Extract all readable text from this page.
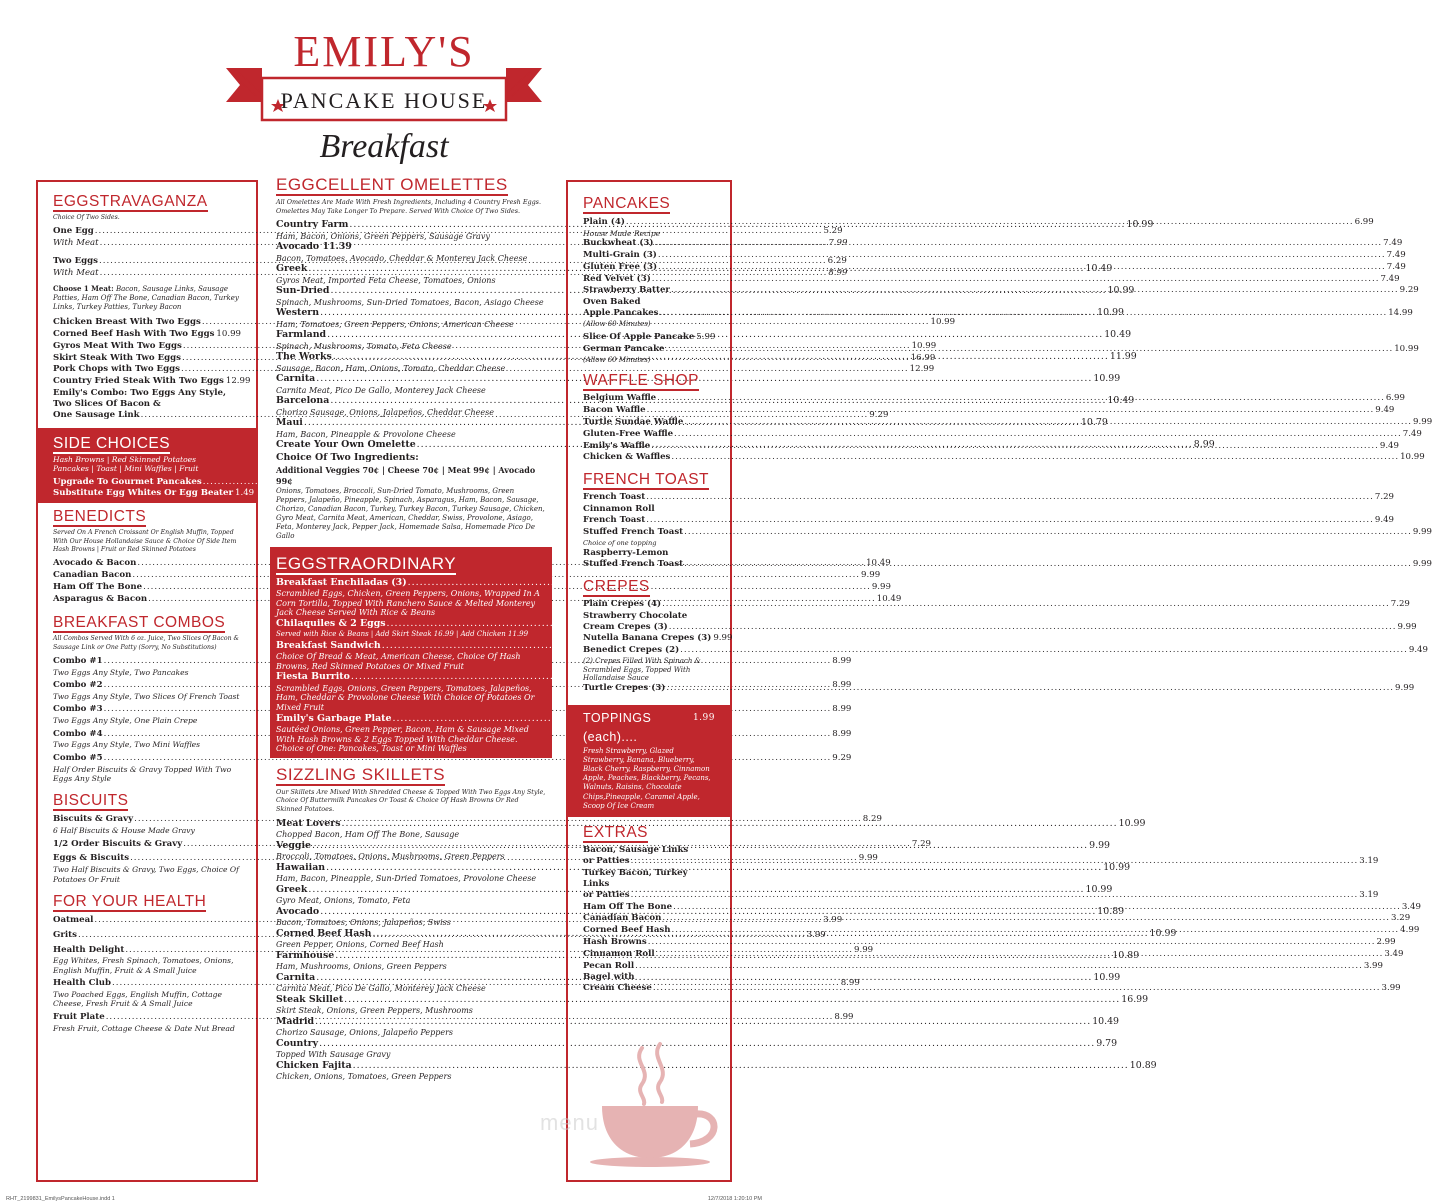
EMILY'S
PANCAKE HOUSE
Breakfast
EGGSTRAVAGANZA
Choice Of Two Sides.
One Egg .....	5.29
With Meat .....	7.99
Two Eggs .....	6.29
With Meat .....	8.99
Choose 1 Meat: Bacon, Sausage Links, Sausage Patties, Ham Off The Bone, Canadian Bacon, Turkey Links, Turkey Patties, Turkey Bacon
Chicken Breast With Two Eggs .....	10.99
Corned Beef Hash With Two Eggs 10.99
Gyros Meat With Two Eggs .....	10.99
Skirt Steak With Two Eggs .....	16.99
Pork Chops with Two Eggs .....	12.99
Country Fried Steak With Two Eggs 12.99
Emily's Combo: Two Eggs Any Style,
Two Slices Of Bacon &
One Sausage Link .....	9.29
SIDE CHOICES
Hash Browns | Red Skinned Potatoes
Pancakes | Toast | Mini Waffles | Fruit
Upgrade To Gourmet Pancakes .....	3.99
Substitute Egg Whites Or Egg Beater 1.49
BENEDICTS
Served On A French Croissant Or English Muffin, Topped With Our House Hollandaise Sauce & Choice Of Side Item Hash Browns | Fruit or Red Skinned Potatoes
Avocado & Bacon .....	10.49
Canadian Bacon .....	9.99
Ham Off The Bone .....	9.99
Asparagus & Bacon .....	10.49
BREAKFAST COMBOS
All Combos Served With 6 oz. Juice, Two Slices Of Bacon & Sausage Link or One Patty (Sorry, No Substitutions)
Combo #1 .....	8.99
Two Eggs Any Style, Two Pancakes
Combo #2 .....	8.99
Two Eggs Any Style, Two Slices Of French Toast
Combo #3 .....	8.99
Two Eggs Any Style, One Plain Crepe
Combo #4 .....	8.99
Two Eggs Any Style, Two Mini Waffles
Combo #5 .....	9.29
Half Order Biscuits & Gravy Topped With Two Eggs Any Style
BISCUITS
Biscuits & Gravy .....	8.29
6 Half Biscuits & House Made Gravy
1/2 Order Biscuits & Gravy .....	7.29
Eggs & Biscuits .....	9.99
Two Half Biscuits & Gravy, Two Eggs, Choice Of Potatoes Or Fruit
FOR YOUR HEALTH
Oatmeal .....	3.99
Grits .....	3.99
Health Delight .....	9.99
Egg Whites, Fresh Spinach, Tomatoes, Onions, English Muffin, Fruit & A Small Juice
Health Club .....	8.99
Two Poached Eggs, English Muffin, Cottage Cheese, Fresh Fruit & A Small Juice
Fruit Plate .....	8.99
Fresh Fruit, Cottage Cheese & Date Nut Bread
EGGCELLENT OMELETTES
All Omelettes Are Made With Fresh Ingredients, Including 4 Country Fresh Eggs. Omelettes May Take Longer To Prepare. Served With Choice Of Two Sides.
Country Farm .....	10.99
Ham, Bacon, Onions, Green Peppers, Sausage Gravy
Avocado 11.39
Bacon, Tomatoes, Avocado, Cheddar & Monterey Jack Cheese
Greek .....	10.49
Gyros Meat, Imported Feta Cheese, Tomatoes, Onions
Sun-Dried .....	10.99
Spinach, Mushrooms, Sun-Dried Tomatoes, Bacon, Asiago Cheese
Western .....	10.99
Ham, Tomatoes, Green Peppers, Onions, American Cheese
Farmland .....	10.49
Spinach, Mushrooms, Tomato, Feta Cheese
The Works .....	11.99
Sausage, Bacon, Ham, Onions, Tomato, Cheddar Cheese
Carnita .....	10.99
Carnita Meat, Pico De Gallo, Monterey Jack Cheese
Barcelona .....	10.49
Chorizo Sausage, Onions, Jalapeños, Cheddar Cheese
Maui .....	10.79
Ham, Bacon, Pineapple & Provolone Cheese
Create Your Own Omelette .....	8.99
Choice Of Two Ingredients:
Additional Veggies 70¢ | Cheese 70¢ | Meat 99¢ | Avocado 99¢
Onions, Tomatoes, Broccoli, Sun-Dried Tomato, Mushrooms, Green Peppers, Jalapeño, Pineapple, Spinach, Asparagus, Ham, Bacon, Sausage, Chorizo, Canadian Bacon, Turkey, Turkey Bacon, Turkey Sausage, Chicken, Gyro Meat, Carnita Meat, American, Cheddar, Swiss, Provolone, Asiago, Feta, Monterey Jack, Pepper Jack, Homemade Salsa, Homemade Pico De Gallo
EGGSTRAORDINARY
Breakfast Enchiladas (3) .....	9.99
Scrambled Eggs, Chicken, Green Peppers, Onions, Wrapped In A Corn Tortilla, Topped With Ranchero Sauce & Melted Monterey Jack Cheese Served With Rice & Beans
Chilaquiles & 2 Eggs .....	9.29
Served with Rice & Beans | Add Skirt Steak 16.99 | Add Chicken 11.99
Breakfast Sandwich .....	7.99
Choice Of Bread & Meat, American Cheese, Choice Of Hash Browns, Red Skinned Potatoes Or Mixed Fruit
Fiesta Burrito .....	9.89
Scrambled Eggs, Onions, Green Peppers, Tomatoes, Jalapeños, Ham, Cheddar & Provolone Cheese With Choice Of Potatoes Or Mixed Fruit
Emily's Garbage Plate .....	11.99
Sautéed Onions, Green Pepper, Bacon, Ham & Sausage Mixed With Hash Browns & 2 Eggs Topped With Cheddar Cheese. Choice of One: Pancakes, Toast or Mini Waffles
SIZZLING SKILLETS
Our Skillets Are Mixed With Shredded Cheese & Topped With Two Eggs Any Style, Choice Of Buttermilk Pancakes Or Toast & Choice Of Hash Browns Or Red Skinned Potatoes.
Meat Lovers .....	10.99
Chopped Bacon, Ham Off The Bone, Sausage
Veggie .....	9.99
Broccoli, Tomatoes, Onions, Mushrooms, Green Peppers
Hawaiian .....	10.99
Ham, Bacon, Pineapple, Sun-Dried Tomatoes, Provolone Cheese
Greek .....	10.99
Gyro Meat, Onions, Tomato, Feta
Avocado .....	10.89
Bacon, Tomatoes, Onions, Jalapeños, Swiss
Corned Beef Hash .....	10.99
Green Pepper, Onions, Corned Beef Hash
Farmhouse .....	10.89
Ham, Mushrooms, Onions, Green Peppers
Carnita .....	10.99
Carnita Meat, Pico De Gallo, Monterey Jack Cheese
Steak Skillet .....	16.99
Skirt Steak, Onions, Green Peppers, Mushrooms
Madrid .....	10.49
Chorizo Sausage, Onions, Jalapeño Peppers
Country .....	9.79
Topped With Sausage Gravy
Chicken Fajita .....	10.89
Chicken, Onions, Tomatoes, Green Peppers
PANCAKES
Plain (4) .....	6.99
House Made Recipe
Buckwheat (3) .....	7.49
Multi-Grain (3) .....	7.49
Gluten Free (3) .....	7.49
Red Velvet (3) .....	7.49
Strawberry Batter .....	9.29
Oven Baked
Apple Pancakes .....	14.99
(Allow 60 Minutes)
Slice Of Apple Pancake 5.99
German Pancake .....	10.99
(Allow 60 Minutes)
WAFFLE SHOP
Belgium Waffle .....	6.99
Bacon Waffle .....	9.49
Turtle Sundae Waffle .....	9.99
Gluten-Free Waffle .....	7.49
Emily's Waffle .....	9.49
Chicken & Waffles .....	10.99
FRENCH TOAST
French Toast .....	7.29
Cinnamon Roll
French Toast .....	9.49
Stuffed French Toast .....	9.99
Choice of one topping
Raspberry-Lemon
Stuffed French Toast .....	9.99
CREPES
Plain Crepes (4) .....	7.29
Strawberry Chocolate
Cream Crepes (3) .....	9.99
Nutella Banana Crepes (3) 9.99
Benedict Crepes (2) .....	9.49
(2) Crepes Filled With Spinach & Scrambled Eggs, Topped With Hollandaise Sauce
Turtle Crepes (3) .....	9.99
TOPPINGS (each)....
1.99
Fresh Strawberry, Glazed Strawberry, Banana, Blueberry, Black Cherry, Raspberry, Cinnamon Apple, Peaches, Blackberry, Pecans, Walnuts, Raisins, Chocolate Chips,Pineapple, Caramel Apple, Scoop Of Ice Cream
EXTRAS
Bacon, Sausage Links
or Patties .....	3.19
Turkey Bacon, Turkey Links
or Patties .....	3.19
Ham Off The Bone .....	3.49
Canadian Bacon .....	3.29
Corned Beef Hash .....	4.99
Hash Browns .....	2.99
Cinnamon Roll .....	3.49
Pecan Roll .....	3.99
Bagel with
Cream Cheese .....	3.99
menu
RHT_2199831_EmilysPancakeHouse.indd 1	12/7/2018 1:20:10 PM
